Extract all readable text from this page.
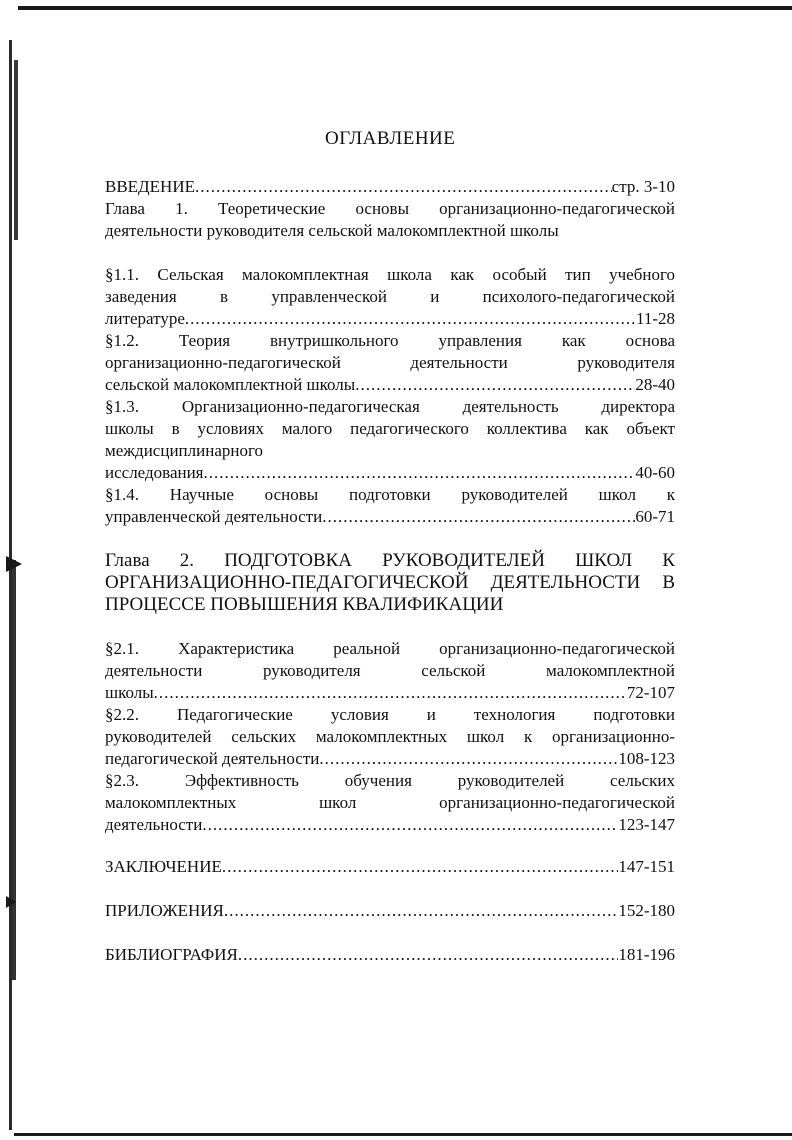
ОГЛАВЛЕНИЕ
ВВЕДЕНИЕ .....	стр. 3-10
Глава 1. Теоретические основы организационно-педагогической
деятельности руководителя сельской малокомплектной школы
§1.1. Сельская малокомплектная школа как особый тип учебного
заведения в управленческой и психолого-педагогической
литературе .....	11-28
§1.2. Теория внутришкольного управления как основа
организационно-педагогической деятельности руководителя
сельской малокомплектной школы .....	28-40
§1.3. Организационно-педагогическая деятельность директора
школы в условиях малого педагогического коллектива как объект
междисциплинарного
исследования .....	40-60
§1.4. Научные основы подготовки руководителей школ к
управленческой деятельности .....	60-71
Глава 2. ПОДГОТОВКА РУКОВОДИТЕЛЕЙ ШКОЛ К
ОРГАНИЗАЦИОННО-ПЕДАГОГИЧЕСКОЙ ДЕЯТЕЛЬНОСТИ В
ПРОЦЕССЕ ПОВЫШЕНИЯ КВАЛИФИКАЦИИ
§2.1. Характеристика реальной организационно-педагогической
деятельности руководителя сельской малокомплектной
школы .....	72-107
§2.2. Педагогические условия и технология подготовки
руководителей сельских малокомплектных школ к организационно-
педагогической деятельности .....	108-123
§2.3. Эффективность обучения руководителей сельских
малокомплектных школ организационно-педагогической
деятельности .....	123-147
ЗАКЛЮЧЕНИЕ .....	147-151
ПРИЛОЖЕНИЯ .....	152-180
БИБЛИОГРАФИЯ .....	181-196
